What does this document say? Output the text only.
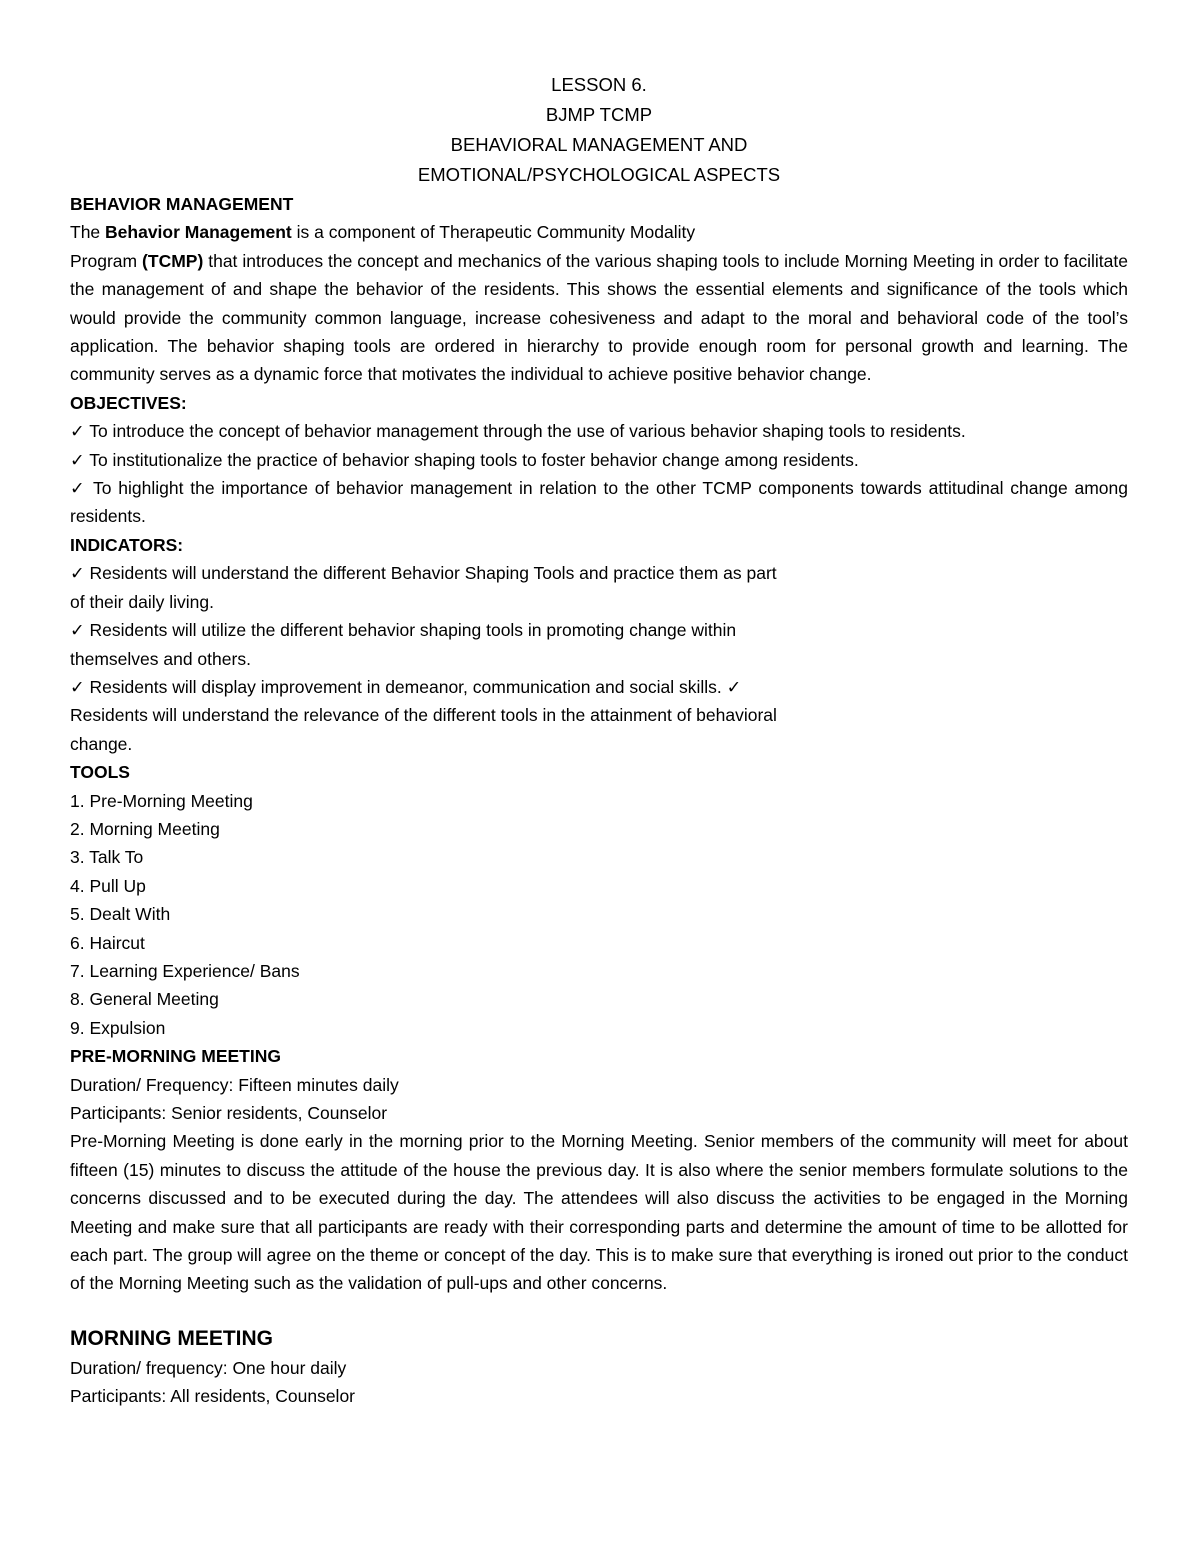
LESSON 6.
BJMP TCMP
BEHAVIORAL MANAGEMENT AND
EMOTIONAL/PSYCHOLOGICAL ASPECTS
BEHAVIOR MANAGEMENT
The Behavior Management is a component of Therapeutic Community Modality

Program (TCMP) that introduces the concept and mechanics of the various shaping tools to include Morning Meeting in order to facilitate the management of and shape the behavior of the residents. This shows the essential elements and significance of the tools which would provide the community common language, increase cohesiveness and adapt to the moral and behavioral code of the tool’s application. The behavior shaping tools are ordered in hierarchy to provide enough room for personal growth and learning. The community serves as a dynamic force that motivates the individual to achieve positive behavior change.

OBJECTIVES:

✓ To introduce the concept of behavior management through the use of various behavior shaping tools to residents.

✓ To institutionalize the practice of behavior shaping tools to foster behavior change among residents.

✓ To highlight the importance of behavior management in relation to the other TCMP components towards attitudinal change among residents.

INDICATORS:
✓ Residents will understand the different Behavior Shaping Tools and practice them as part
of their daily living.
✓ Residents will utilize the different behavior shaping tools in promoting change within
themselves and others.
✓ Residents will display improvement in demeanor, communication and social skills. ✓
Residents will understand the relevance of the different tools in the attainment of behavioral
change.
TOOLS
1. Pre-Morning Meeting
2. Morning Meeting
3. Talk To
4. Pull Up
5. Dealt With
6. Haircut
7. Learning Experience/ Bans
8. General Meeting
9. Expulsion
PRE-MORNING MEETING
Duration/ Frequency: Fifteen minutes daily
Participants: Senior residents, Counselor

Pre-Morning Meeting is done early in the morning prior to the Morning Meeting. Senior members of the community will meet for about fifteen (15) minutes to discuss the attitude of the house the previous day. It is also where the senior members formulate solutions to the concerns discussed and to be executed during the day. The attendees will also discuss the activities to be engaged in the Morning Meeting and make sure that all participants are ready with their corresponding parts and determine the amount of time to be allotted for each part. The group will agree on the theme or concept of the day. This is to make sure that everything is ironed out prior to the conduct of the Morning Meeting such as the validation of pull-ups and other concerns.

MORNING MEETING
Duration/ frequency: One hour daily
Participants: All residents, Counselor
